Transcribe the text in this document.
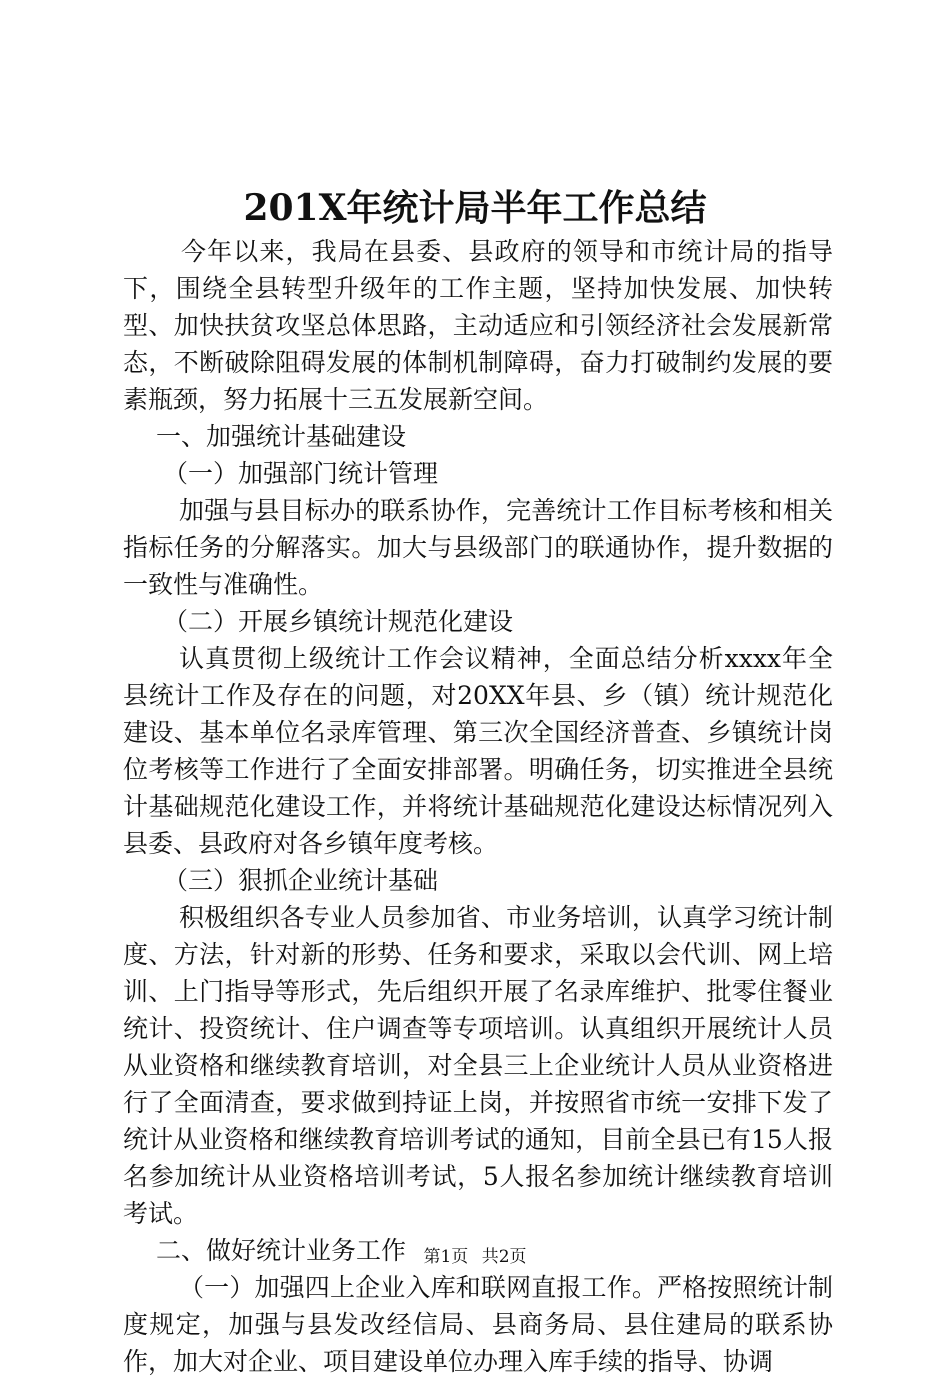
201X年统计局半年工作总结

今年以来，我局在县委、县政府的领导和市统计局的指导下，围绕全县转型升级年的工作主题，坚持加快发展、加快转型、加快扶贫攻坚总体思路，主动适应和引领经济社会发展新常态，不断破除阻碍发展的体制机制障碍，奋力打破制约发展的要素瓶颈，努力拓展十三五发展新空间。

一、加强统计基础建设

（一）加强部门统计管理

加强与县目标办的联系协作，完善统计工作目标考核和相关指标任务的分解落实。加大与县级部门的联通协作，提升数据的一致性与准确性。

（二）开展乡镇统计规范化建设

认真贯彻上级统计工作会议精神，全面总结分析xxxx年全县统计工作及存在的问题，对20XX年县、乡（镇）统计规范化建设、基本单位名录库管理、第三次全国经济普查、乡镇统计岗位考核等工作进行了全面安排部署。明确任务，切实推进全县统计基础规范化建设工作，并将统计基础规范化建设达标情况列入县委、县政府对各乡镇年度考核。

（三）狠抓企业统计基础

积极组织各专业人员参加省、市业务培训，认真学习统计制度、方法，针对新的形势、任务和要求，采取以会代训、网上培训、上门指导等形式，先后组织开展了名录库维护、批零住餐业统计、投资统计、住户调查等专项培训。认真组织开展统计人员从业资格和继续教育培训，对全县三上企业统计人员从业资格进行了全面清查，要求做到持证上岗，并按照省市统一安排下发了统计从业资格和继续教育培训考试的通知，目前全县已有15人报名参加统计从业资格培训考试，5人报名参加统计继续教育培训考试。

二、做好统计业务工作

（一）加强四上企业入库和联网直报工作。严格按照统计制度规定，加强与县发改经信局、县商务局、县住建局的联系协作，加大对企业、项目建设单位办理入库手续的指导、协调

第1页 共2页
